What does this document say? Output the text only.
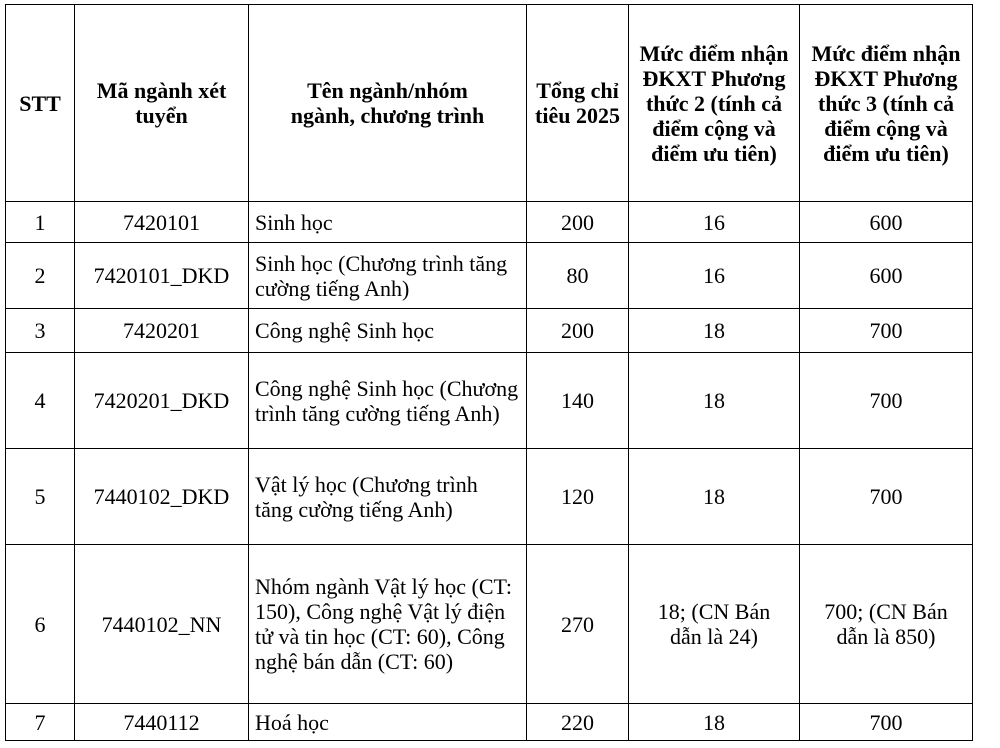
STT	Mã ngành xét tuyển	Tên ngành/nhóm ngành, chương trình	Tổng chỉ tiêu 2025	Mức điểm nhận ĐKXT Phương thức 2 (tính cả điểm cộng và điểm ưu tiên)	Mức điểm nhận ĐKXT Phương thức 3 (tính cả điểm cộng và điểm ưu tiên)
1	7420101	Sinh học	200	16	600
2	7420101_DKD	Sinh học (Chương trình tăng cường tiếng Anh)	80	16	600
3	7420201	Công nghệ Sinh học	200	18	700
4	7420201_DKD	Công nghệ Sinh học (Chương trình tăng cường tiếng Anh)	140	18	700
5	7440102_DKD	Vật lý học (Chương trình tăng cường tiếng Anh)	120	18	700
6	7440102_NN	Nhóm ngành Vật lý học (CT: 150), Công nghệ Vật lý điện tử và tin học (CT: 60), Công nghệ bán dẫn (CT: 60)	270	18; (CN Bán dẫn là 24)	700; (CN Bán dẫn là 850)
7	7440112	Hoá học	220	18	700
